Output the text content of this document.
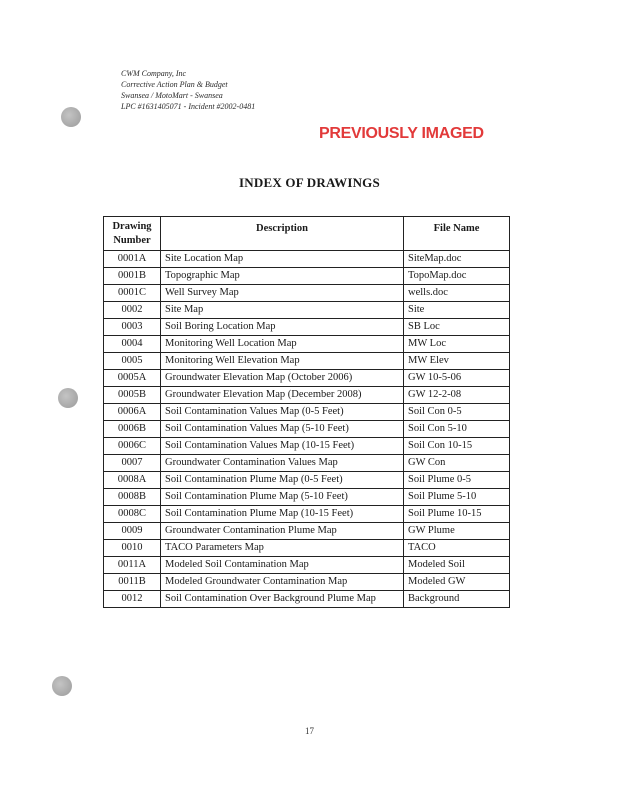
CWM Company, Inc
Corrective Action Plan & Budget
Swansea / MotoMart - Swansea
LPC #1631405071 - Incident #2002-0481
PREVIOUSLY IMAGED
INDEX OF DRAWINGS
Drawing
Number	Description	File Name
0001A	Site Location Map	SiteMap.doc
0001B	Topographic Map	TopoMap.doc
0001C	Well Survey Map	wells.doc
0002	Site Map	Site
0003	Soil Boring Location Map	SB Loc
0004	Monitoring Well Location Map	MW Loc
0005	Monitoring Well Elevation Map	MW Elev
0005A	Groundwater Elevation Map (October 2006)	GW 10-5-06
0005B	Groundwater Elevation Map (December 2008)	GW 12-2-08
0006A	Soil Contamination Values Map (0-5 Feet)	Soil Con 0-5
0006B	Soil Contamination Values Map (5-10 Feet)	Soil Con 5-10
0006C	Soil Contamination Values Map (10-15 Feet)	Soil Con 10-15
0007	Groundwater Contamination Values Map	GW Con
0008A	Soil Contamination Plume Map (0-5 Feet)	Soil Plume 0-5
0008B	Soil Contamination Plume Map (5-10 Feet)	Soil Plume 5-10
0008C	Soil Contamination Plume Map (10-15 Feet)	Soil Plume 10-15
0009	Groundwater Contamination Plume Map	GW Plume
0010	TACO Parameters Map	TACO
0011A	Modeled Soil Contamination Map	Modeled Soil
0011B	Modeled Groundwater Contamination Map	Modeled GW
0012	Soil Contamination Over Background Plume Map	Background
17
